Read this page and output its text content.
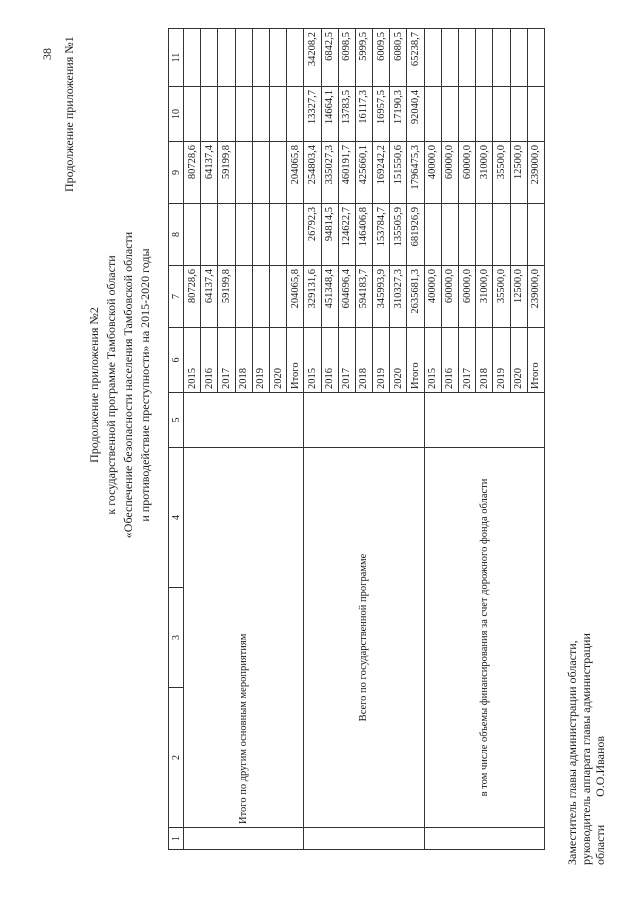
38 Продолжение приложения №1
Продолжение приложения №2 к государственной программе Тамбовской области «Обеспечение безопасности населения Тамбовской области и противодействие преступности» на 2015-2020 годы
1	2	3	4	5	6	7	8	9	10	11
	Итого по другим основным мероприятиям				2015	80728,6		80728,6		
					2016	64137,4		64137,4		
					2017	59199,8		59199,8		
					2018					
					2019					
					2020					
					Итого	204065,8		204065,8		
	Всего по государственной программе				2015	329131,6	26792,3	254803,4	13327,7	34208,2
					2016	451348,4	94814,5	335027,3	14664,1	6842,5
					2017	604696,4	124622,7	460191,7	13783,5	6098,5
					2018	594183,7	146406,8	425660,1	16117,3	5999,5
					2019	345993,9	153784,7	169242,2	16957,5	6009,5
					2020	310327,3	135505,9	151550,6	17190,3	6080,5
					Итого	2635681,3	681926,9	1796475,3	92040,4	65238,7
	в том числе объемы финансирования за счет дорожного фонда области				2015	40000,0		40000,0		
					2016	60000,0		60000,0		
					2017	60000,0		60000,0		
					2018	31000,0		31000,0		
					2019	35500,0		35500,0		
					2020	12500,0		12500,0		
					Итого	239000,0		239000,0		
Заместитель главы администрации области, руководитель аппарата главы администрации областиО.О.Иванов
